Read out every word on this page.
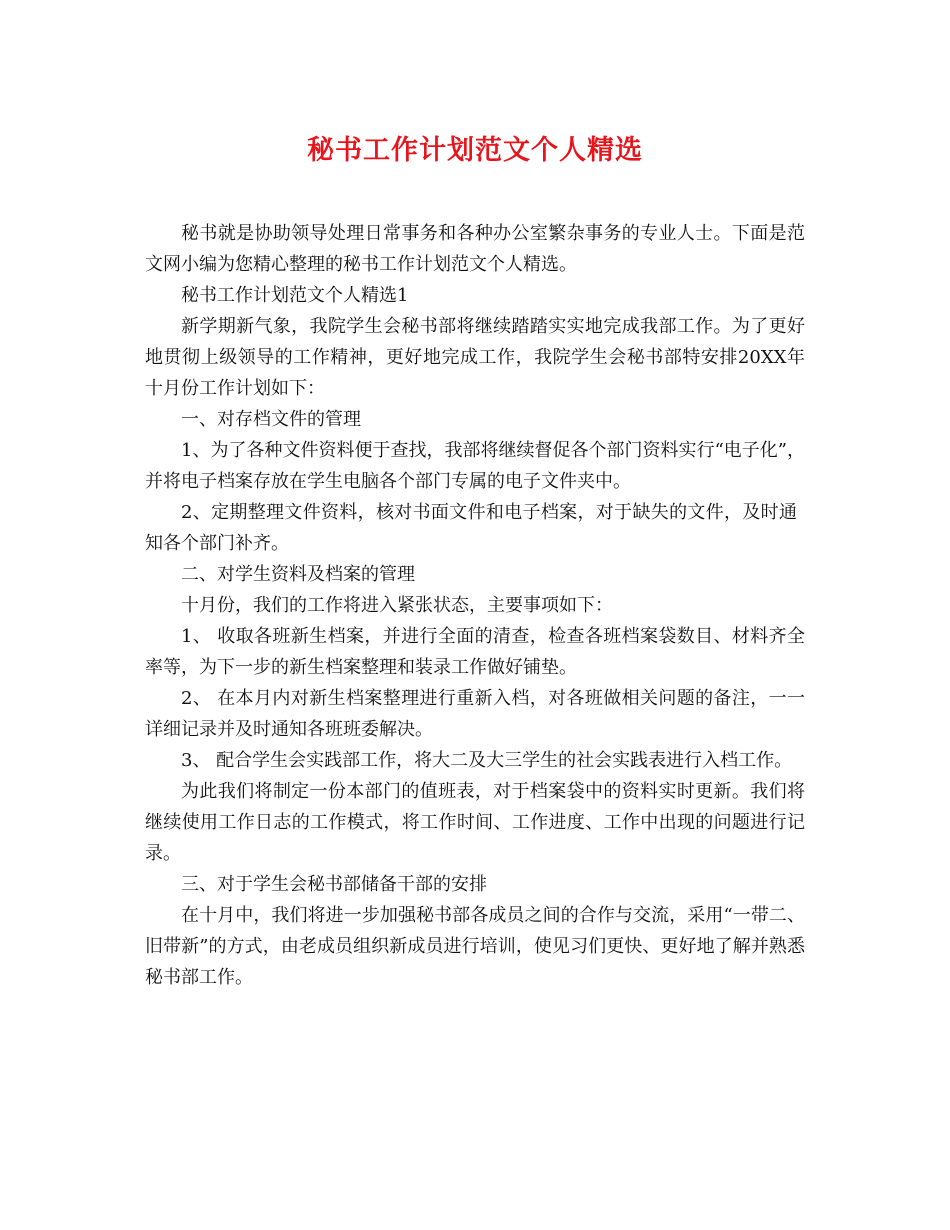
秘书工作计划范文个人精选

秘书就是协助领导处理日常事务和各种办公室繁杂事务的专业人士。下面是范文网小编为您精心整理的秘书工作计划范文个人精选。

秘书工作计划范文个人精选1

新学期新气象，我院学生会秘书部将继续踏踏实实地完成我部工作。为了更好地贯彻上级领导的工作精神，更好地完成工作，我院学生会秘书部特安排20XX年十月份工作计划如下：

一、对存档文件的管理

1、为了各种文件资料便于查找，我部将继续督促各个部门资料实行“电子化”，并将电子档案存放在学生电脑各个部门专属的电子文件夹中。

2、定期整理文件资料，核对书面文件和电子档案，对于缺失的文件，及时通知各个部门补齐。

二、对学生资料及档案的管理

十月份，我们的工作将进入紧张状态，主要事项如下：

1、 收取各班新生档案，并进行全面的清查，检查各班档案袋数目、材料齐全率等，为下一步的新生档案整理和装录工作做好铺垫。

2、 在本月内对新生档案整理进行重新入档，对各班做相关问题的备注，一一详细记录并及时通知各班班委解决。

3、 配合学生会实践部工作，将大二及大三学生的社会实践表进行入档工作。

为此我们将制定一份本部门的值班表，对于档案袋中的资料实时更新。我们将继续使用工作日志的工作模式，将工作时间、工作进度、工作中出现的问题进行记录。

三、对于学生会秘书部储备干部的安排

在十月中，我们将进一步加强秘书部各成员之间的合作与交流，采用“一带二、旧带新”的方式，由老成员组织新成员进行培训，使见习们更快、更好地了解并熟悉秘书部工作。
